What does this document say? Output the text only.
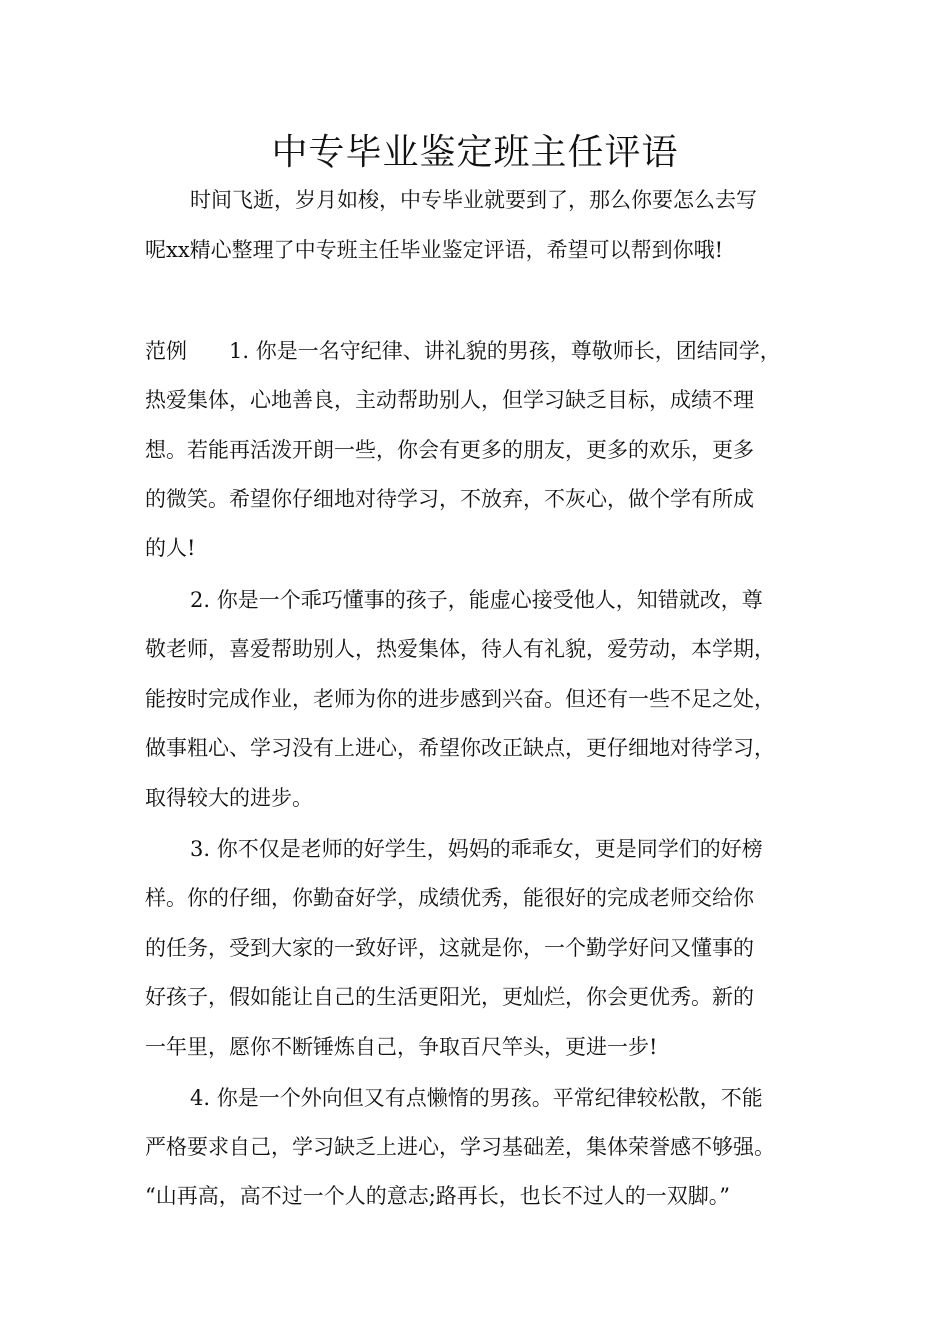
中专毕业鉴定班主任评语
时间飞逝，岁月如梭，中专毕业就要到了，那么你要怎么去写
呢xx精心整理了中专班主任毕业鉴定评语，希望可以帮到你哦!
范例　　1. 你是一名守纪律、讲礼貌的男孩，尊敬师长，团结同学，
热爱集体，心地善良，主动帮助别人，但学习缺乏目标，成绩不理
想。若能再活泼开朗一些，你会有更多的朋友，更多的欢乐，更多
的微笑。希望你仔细地对待学习，不放弃，不灰心，做个学有所成
的人!
2. 你是一个乖巧懂事的孩子，能虚心接受他人，知错就改，尊
敬老师，喜爱帮助别人，热爱集体，待人有礼貌，爱劳动，本学期，
能按时完成作业，老师为你的进步感到兴奋。但还有一些不足之处，
做事粗心、学习没有上进心，希望你改正缺点，更仔细地对待学习，
取得较大的进步。
3. 你不仅是老师的好学生，妈妈的乖乖女，更是同学们的好榜
样。你的仔细，你勤奋好学，成绩优秀，能很好的完成老师交给你
的任务，受到大家的一致好评，这就是你，一个勤学好问又懂事的
好孩子，假如能让自己的生活更阳光，更灿烂，你会更优秀。新的
一年里，愿你不断锤炼自己，争取百尺竿头，更进一步!
4. 你是一个外向但又有点懒惰的男孩。平常纪律较松散，不能
严格要求自己，学习缺乏上进心，学习基础差，集体荣誉感不够强。
“山再高，高不过一个人的意志;路再长，也长不过人的一双脚。”
